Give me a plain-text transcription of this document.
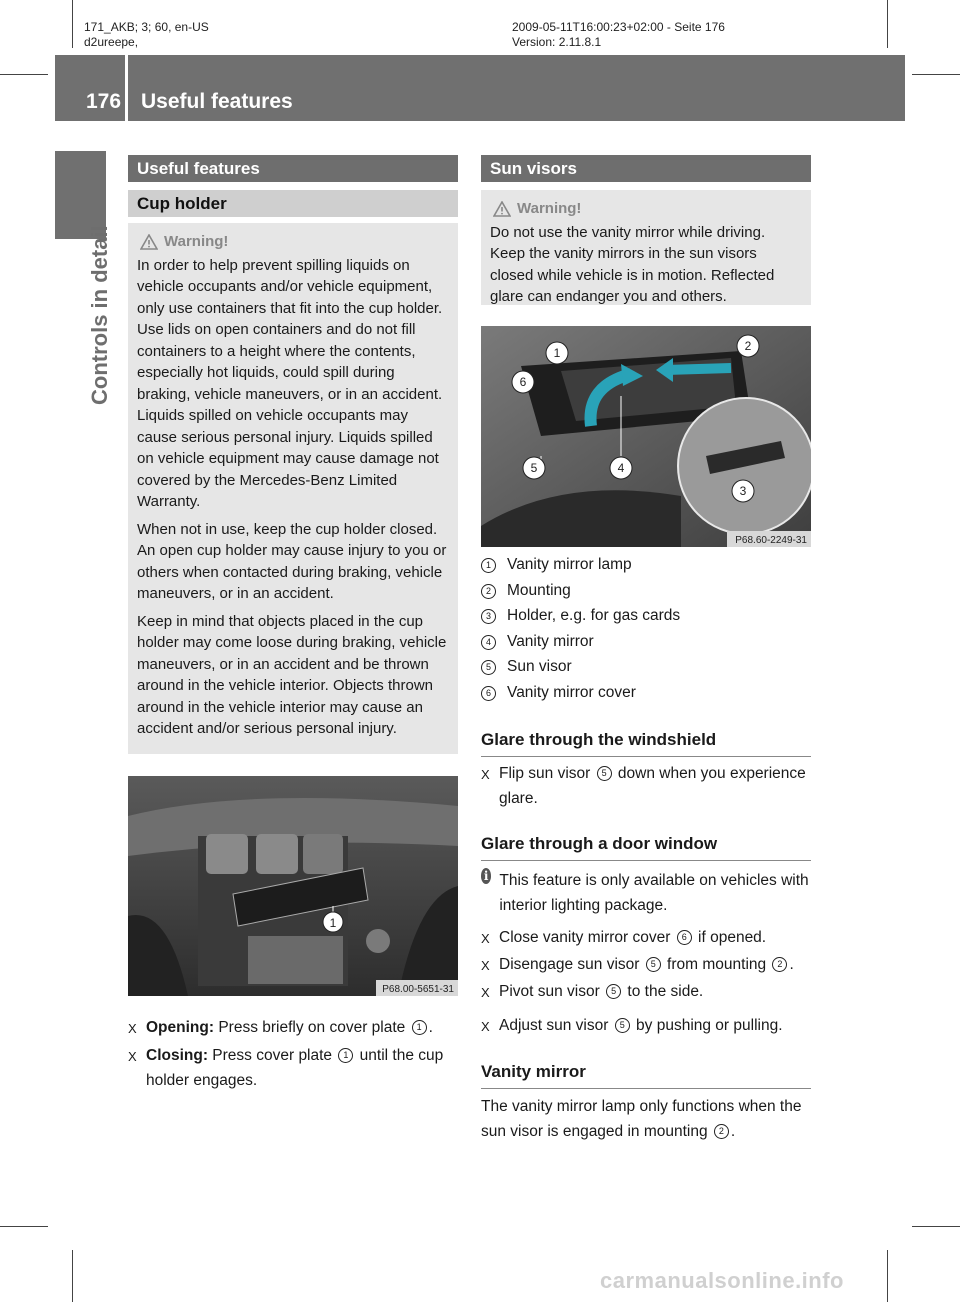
171_AKB; 3; 60, en-US
d2ureepe,
2009-05-11T16:00:23+02:00 - Seite 176
Version: 2.11.8.1
176 Useful features
Controls in detail
Useful features
Cup holder
Warning!

In order to help prevent spilling liquids on vehicle occupants and/or vehicle equipment, only use containers that fit into the cup holder. Use lids on open containers and do not fill containers to a height where the contents, especially hot liquids, could spill during braking, vehicle maneuvers, or in an accident. Liquids spilled on vehicle occupants may cause serious personal injury. Liquids spilled on vehicle equipment may cause damage not covered by the Mercedes-Benz Limited Warranty.

When not in use, keep the cup holder closed. An open cup holder may cause injury to you or others when contacted during braking, vehicle maneuvers, or in an accident.

Keep in mind that objects placed in the cup holder may come loose during braking, vehicle maneuvers, or in an accident and be thrown around in the vehicle interior. Objects thrown around in the vehicle interior may cause an accident and/or serious personal injury.

1
P68.00-5651-31
X Opening: Press briefly on cover plate 1 .
X Closing: Press cover plate 1 until the cup holder engages.
Sun visors
Warning!

Do not use the vanity mirror while driving. Keep the vanity mirrors in the sun visors closed while vehicle is in motion. Reflected glare can endanger you and others.

1	2
3
4
5
6
P68.60-2249-31
1	Vanity mirror lamp
2	Mounting
3	Holder, e.g. for gas cards
4	Vanity mirror
5	Sun visor
6	Vanity mirror cover
Glare through the windshield
X Flip sun visor 5 down when you experience glare.
Glare through a door window
i This feature is only available on vehicles with interior lighting package.
X Close vanity mirror cover 6 if opened.
X Disengage sun visor 5 from mounting 2 .
X Pivot sun visor 5 to the side.
X Adjust sun visor 5 by pushing or pulling.
Vanity mirror
The vanity mirror lamp only functions when the sun visor is engaged in mounting 2 .
carmanualsonline.info
